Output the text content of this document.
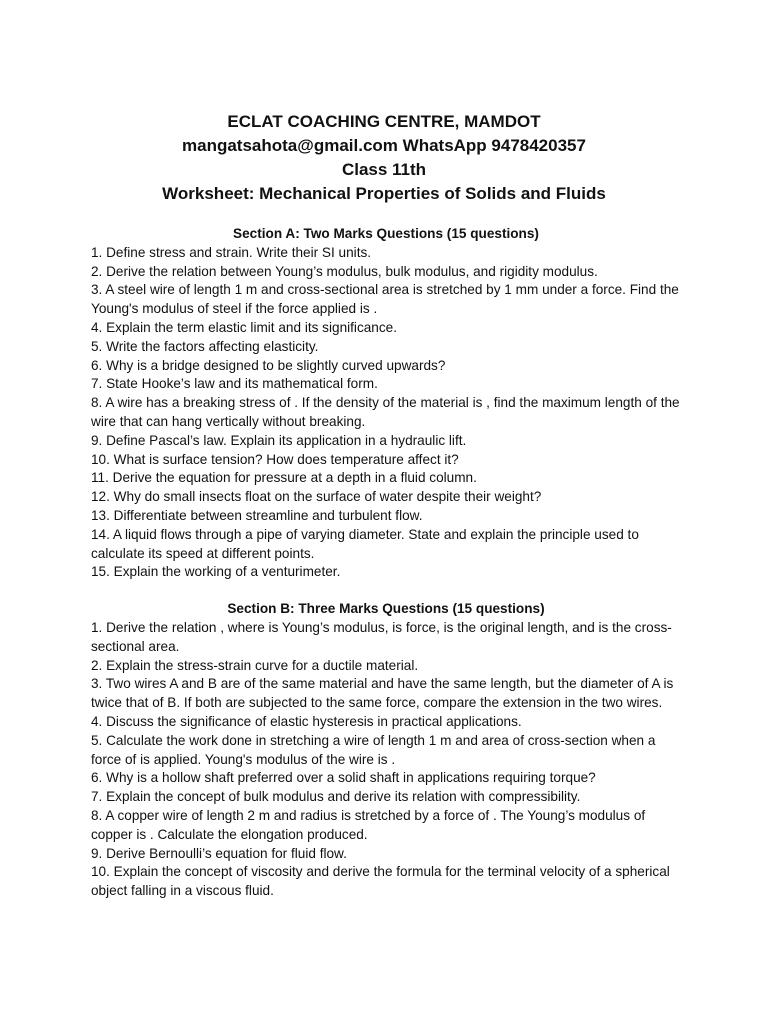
ECLAT COACHING CENTRE, MAMDOT

mangatsahota@gmail.com WhatsApp 9478420357

Class 11th

Worksheet: Mechanical Properties of Solids and Fluids

Section A: Two Marks Questions (15 questions)

1. Define stress and strain. Write their SI units.
2. Derive the relation between Young’s modulus, bulk modulus, and rigidity modulus.
3. A steel wire of length 1 m and cross-sectional area is stretched by 1 mm under a force. Find the Young's modulus of steel if the force applied is .
4. Explain the term elastic limit and its significance.
5. Write the factors affecting elasticity.
6. Why is a bridge designed to be slightly curved upwards?
7. State Hooke’s law and its mathematical form.
8. A wire has a breaking stress of . If the density of the material is , find the maximum length of the wire that can hang vertically without breaking.
9. Define Pascal’s law. Explain its application in a hydraulic lift.
10. What is surface tension? How does temperature affect it?
11. Derive the equation for pressure at a depth in a fluid column.
12. Why do small insects float on the surface of water despite their weight?
13. Differentiate between streamline and turbulent flow.
14. A liquid flows through a pipe of varying diameter. State and explain the principle used to calculate its speed at different points.
15. Explain the working of a venturimeter.

Section B: Three Marks Questions (15 questions)

1. Derive the relation , where is Young’s modulus, is force, is the original length, and is the cross-sectional area.
2. Explain the stress-strain curve for a ductile material.
3. Two wires A and B are of the same material and have the same length, but the diameter of A is twice that of B. If both are subjected to the same force, compare the extension in the two wires.
4. Discuss the significance of elastic hysteresis in practical applications.
5. Calculate the work done in stretching a wire of length 1 m and area of cross-section when a force of is applied. Young's modulus of the wire is .
6. Why is a hollow shaft preferred over a solid shaft in applications requiring torque?
7. Explain the concept of bulk modulus and derive its relation with compressibility.
8. A copper wire of length 2 m and radius is stretched by a force of . The Young’s modulus of copper is . Calculate the elongation produced.
9. Derive Bernoulli’s equation for fluid flow.
10. Explain the concept of viscosity and derive the formula for the terminal velocity of a spherical object falling in a viscous fluid.
